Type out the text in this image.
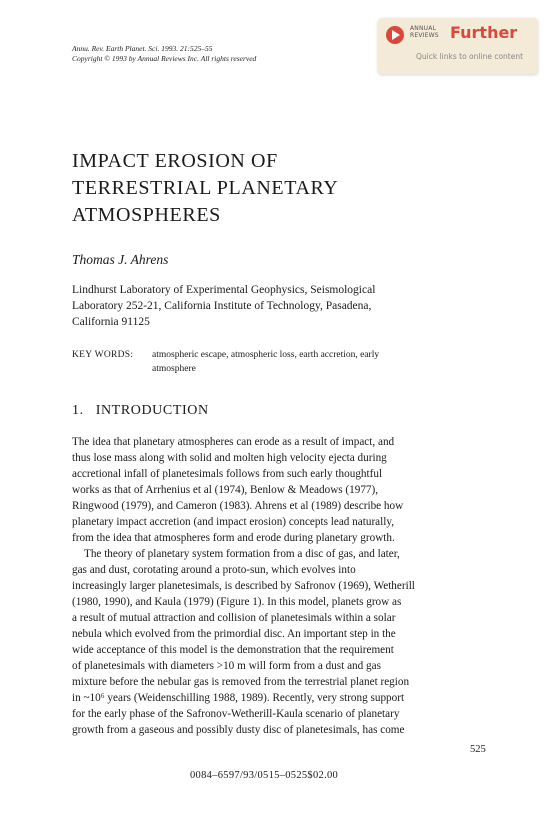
Annu. Rev. Earth Planet. Sci. 1993. 21:525–55
Copyright © 1993 by Annual Reviews Inc. All rights reserved
ANNUAL
REVIEWS Further
Quick links to online content
IMPACT EROSION OF
TERRESTRIAL PLANETARY
ATMOSPHERES
Thomas J. Ahrens
Lindhurst Laboratory of Experimental Geophysics, Seismological
Laboratory 252-21, California Institute of Technology, Pasadena,
California 91125
KEY WORDS: atmospheric escape, atmospheric loss, earth accretion, early
atmosphere
1. INTRODUCTION
The idea that planetary atmospheres can erode as a result of impact, and
thus lose mass along with solid and molten high velocity ejecta during
accretional infall of planetesimals follows from such early thoughtful
works as that of Arrhenius et al (1974), Benlow & Meadows (1977),
Ringwood (1979), and Cameron (1983). Ahrens et al (1989) describe how
planetary impact accretion (and impact erosion) concepts lead naturally,
from the idea that atmospheres form and erode during planetary growth.
The theory of planetary system formation from a disc of gas, and later,
gas and dust, corotating around a proto-sun, which evolves into
increasingly larger planetesimals, is described by Safronov (1969), Wetherill
(1980, 1990), and Kaula (1979) (Figure 1). In this model, planets grow as
a result of mutual attraction and collision of planetesimals within a solar
nebula which evolved from the primordial disc. An important step in the
wide acceptance of this model is the demonstration that the requirement
of planetesimals with diameters >10 m will form from a dust and gas
mixture before the nebular gas is removed from the terrestrial planet region
in ~10⁶ years (Weidenschilling 1988, 1989). Recently, very strong support
for the early phase of the Safronov-Wetherill-Kaula scenario of planetary
growth from a gaseous and possibly dusty disc of planetesimals, has come
525
0084–6597/93/0515–0525$02.00
